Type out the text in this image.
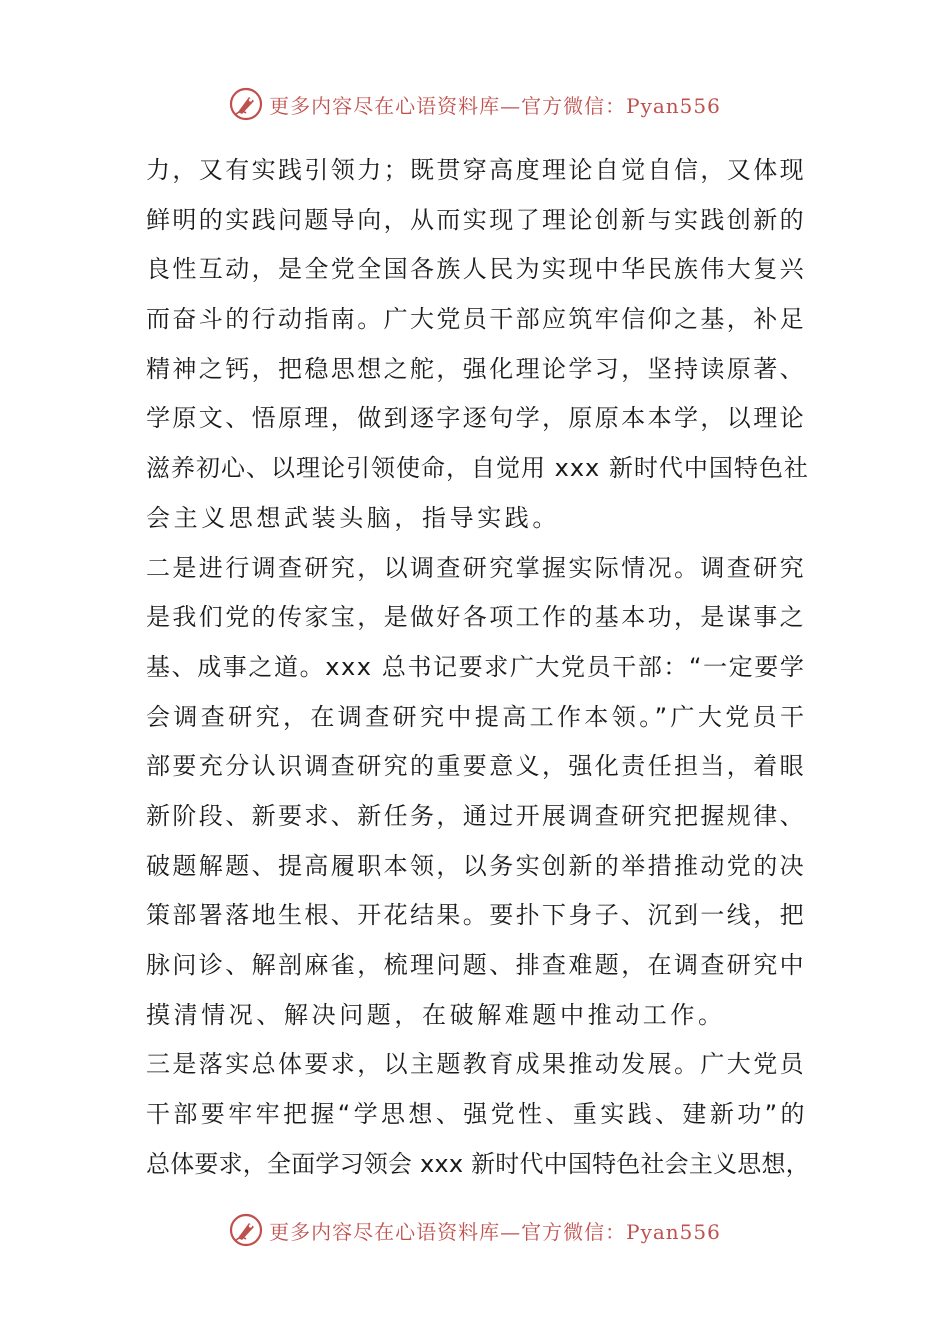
更多内容尽在心语资料库—官方微信：Pyan556
力，又有实践引领力；既贯穿高度理论自觉自信，又体现
鲜明的实践问题导向，从而实现了理论创新与实践创新的
良性互动，是全党全国各族人民为实现中华民族伟大复兴
而奋斗的行动指南。广大党员干部应筑牢信仰之基，补足
精神之钙，把稳思想之舵，强化理论学习，坚持读原著、
学原文、悟原理，做到逐字逐句学，原原本本学，以理论
滋养初心、以理论引领使命，自觉用 xxx 新时代中国特色社
会主义思想武装头脑，指导实践。
二是进行调查研究，以调查研究掌握实际情况。调查研究
是我们党的传家宝，是做好各项工作的基本功，是谋事之
基、成事之道。xxx 总书记要求广大党员干部：“一定要学
会调查研究，在调查研究中提高工作本领。”广大党员干
部要充分认识调查研究的重要意义，强化责任担当，着眼
新阶段、新要求、新任务，通过开展调查研究把握规律、
破题解题、提高履职本领，以务实创新的举措推动党的决
策部署落地生根、开花结果。要扑下身子、沉到一线，把
脉问诊、解剖麻雀，梳理问题、排查难题，在调查研究中
摸清情况、解决问题，在破解难题中推动工作。
三是落实总体要求，以主题教育成果推动发展。广大党员
干部要牢牢把握“学思想、强党性、重实践、建新功”的
总体要求，全面学习领会 xxx 新时代中国特色社会主义思想，
更多内容尽在心语资料库—官方微信：Pyan556
